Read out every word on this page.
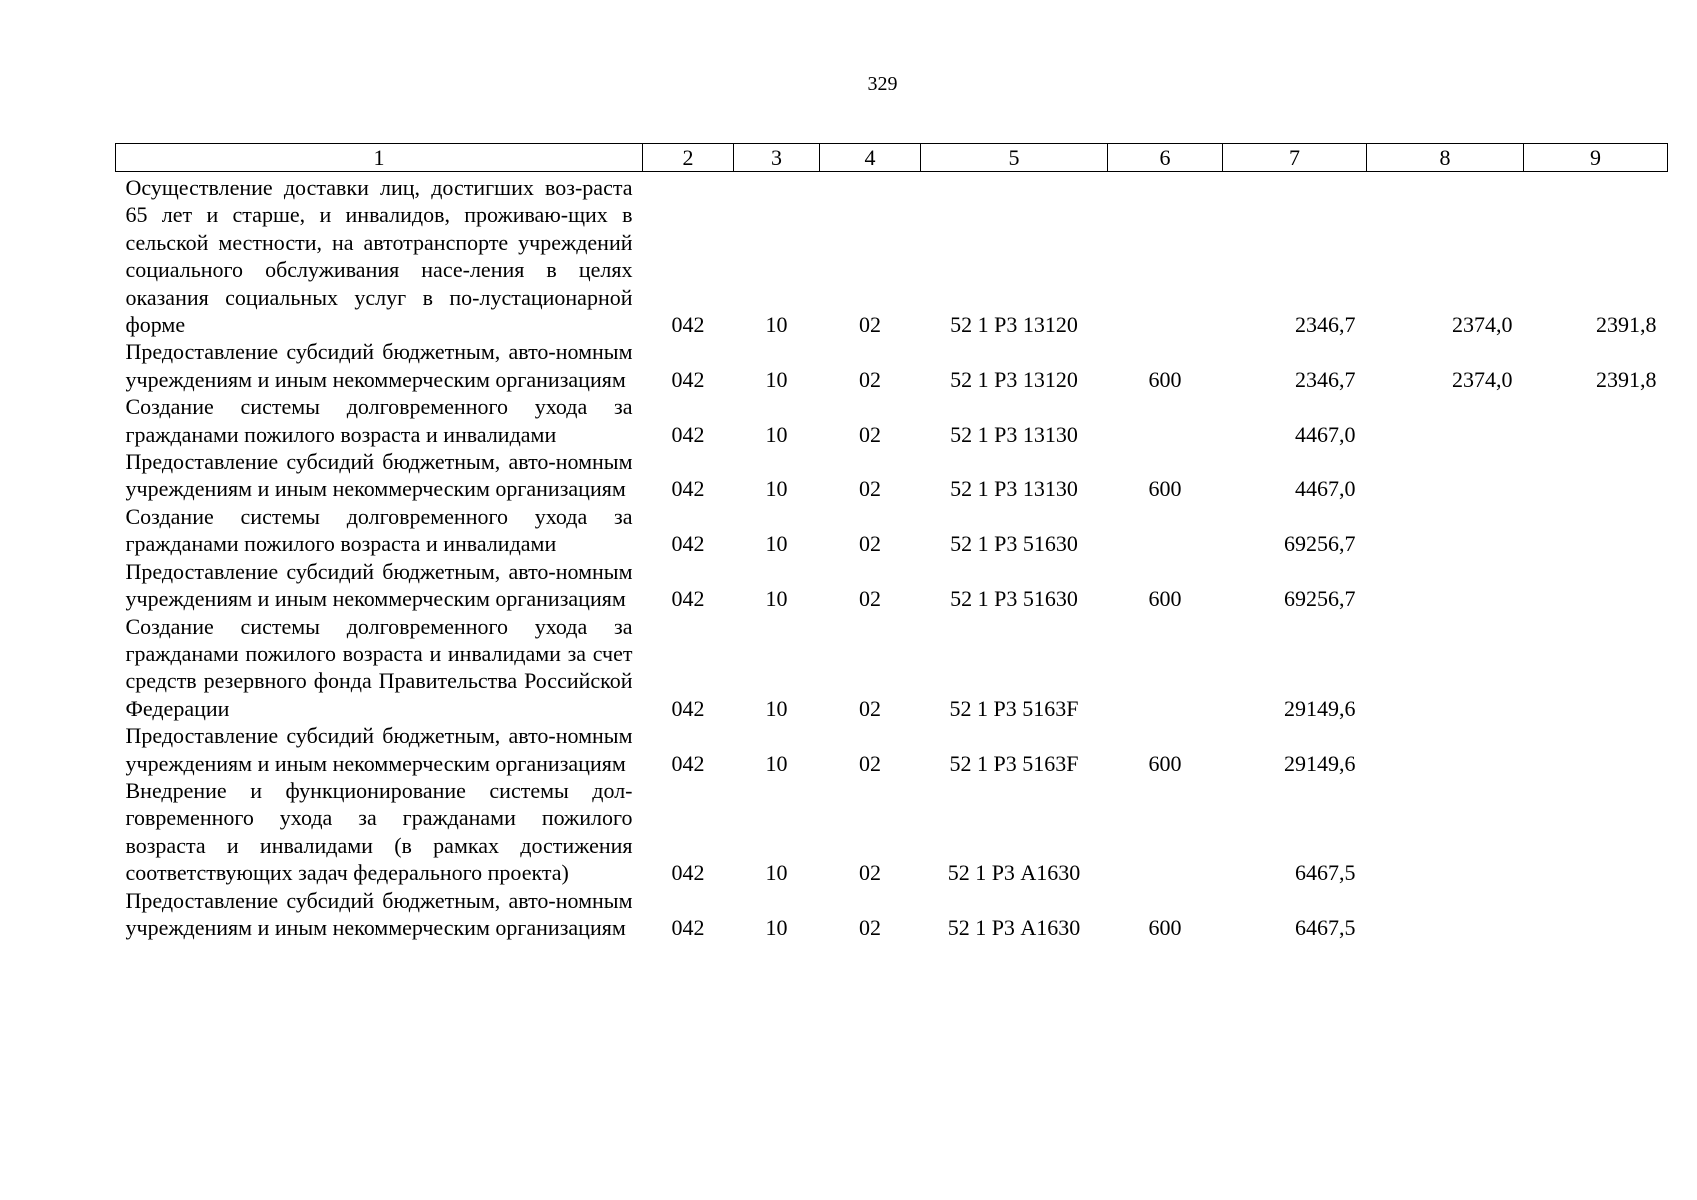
329
1	2	3	4	5	6	7	8	9
Осуществление доставки лиц, достигших воз-раста 65 лет и старше, и инвалидов, проживаю-щих в сельской местности, на автотранспорте учреждений социального обслуживания насе-ления в целях оказания социальных услуг в по-лустационарной форме	042	10	02	52 1 Р3 13120		2346,7	2374,0	2391,8
Предоставление субсидий бюджетным, авто-номным учреждениям и иным некоммерческим организациям	042	10	02	52 1 Р3 13120	600	2346,7	2374,0	2391,8
Создание системы долговременного ухода за гражданами пожилого возраста и инвалидами	042	10	02	52 1 Р3 13130		4467,0		
Предоставление субсидий бюджетным, авто-номным учреждениям и иным некоммерческим организациям	042	10	02	52 1 Р3 13130	600	4467,0		
Создание системы долговременного ухода за гражданами пожилого возраста и инвалидами	042	10	02	52 1 Р3 51630		69256,7		
Предоставление субсидий бюджетным, авто-номным учреждениям и иным некоммерческим организациям	042	10	02	52 1 Р3 51630	600	69256,7		
Создание системы долговременного ухода за гражданами пожилого возраста и инвалидами за счет средств резервного фонда Правительства Российской Федерации	042	10	02	52 1 Р3 5163F		29149,6		
Предоставление субсидий бюджетным, авто-номным учреждениям и иным некоммерческим организациям	042	10	02	52 1 Р3 5163F	600	29149,6		
Внедрение и функционирование системы дол-говременного ухода за гражданами пожилого возраста и инвалидами (в рамках достижения соответствующих задач федерального проекта)	042	10	02	52 1 Р3 А1630		6467,5		
Предоставление субсидий бюджетным, авто-номным учреждениям и иным некоммерческим организациям	042	10	02	52 1 Р3 А1630	600	6467,5		
